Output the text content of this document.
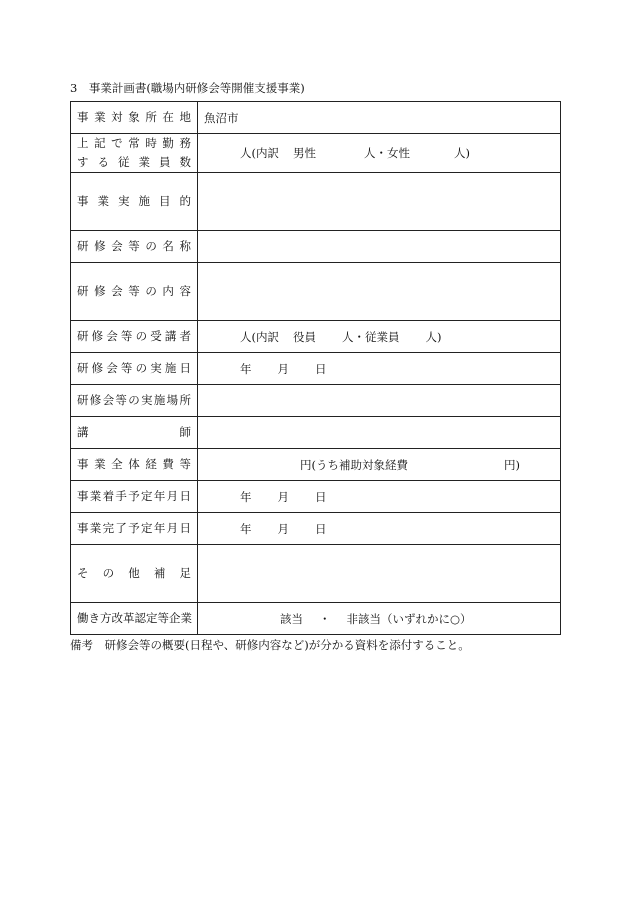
3　事業計画書(職場内研修会等開催支援事業)
事業対象所在地	魚沼市

上記で常時勤務
する従業員数	人(内訳 男性 人・女性 人)
事業実施目的	
研修会等の名称	
研修会等の内容	
研修会等の受講者	人(内訳 役員 人・従業員 人)
研修会等の実施日	年 月 日
研修会等の実施場所	
講師	
事業全体経費等	円(うち補助対象経費 円)
事業着手予定年月日	年 月 日
事業完了予定年月日	年 月 日
その他補足	
働き方改革認定等企業	該当 ・ 非該当（いずれかに○）
備考　研修会等の概要(日程や、研修内容など)が分かる資料を添付すること。
